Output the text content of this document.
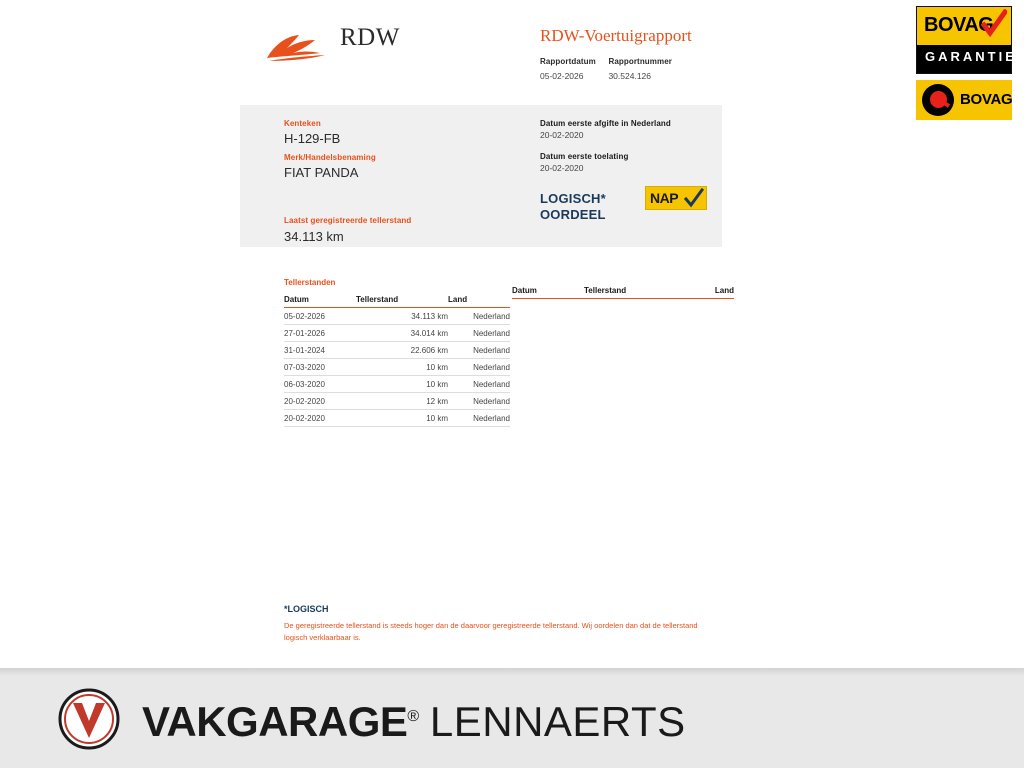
RDW	RDW-Voertuigrapport
Rapportdatum
05-02-2026

Rapportnummer
30.524.126
BOVAG
GARANTIE
BOVAG
Kenteken
H-129-FB
Merk/Handelsbenaming
FIAT PANDA
Laatst geregistreerde tellerstand
34.113 km
Datum eerste afgifte in Nederland
20-02-2020
Datum eerste toelating
20-02-2020
LOGISCH*
OORDEEL
NAP
Tellerstanden
Datum	Tellerstand	Land
05-02-2026	34.113 km	Nederland
27-01-2026	34.014 km	Nederland
31-01-2024	22.606 km	Nederland
07-03-2020	10 km	Nederland
06-03-2020	10 km	Nederland
20-02-2020	12 km	Nederland
20-02-2020	10 km	Nederland
Datum	Tellerstand	Land
*LOGISCH
De geregistreerde tellerstand is steeds hoger dan de daarvoor geregistreerde tellerstand. Wij oordelen dan dat de tellerstand logisch verklaarbaar is.
VAKGARAGE® LENNAERTS
